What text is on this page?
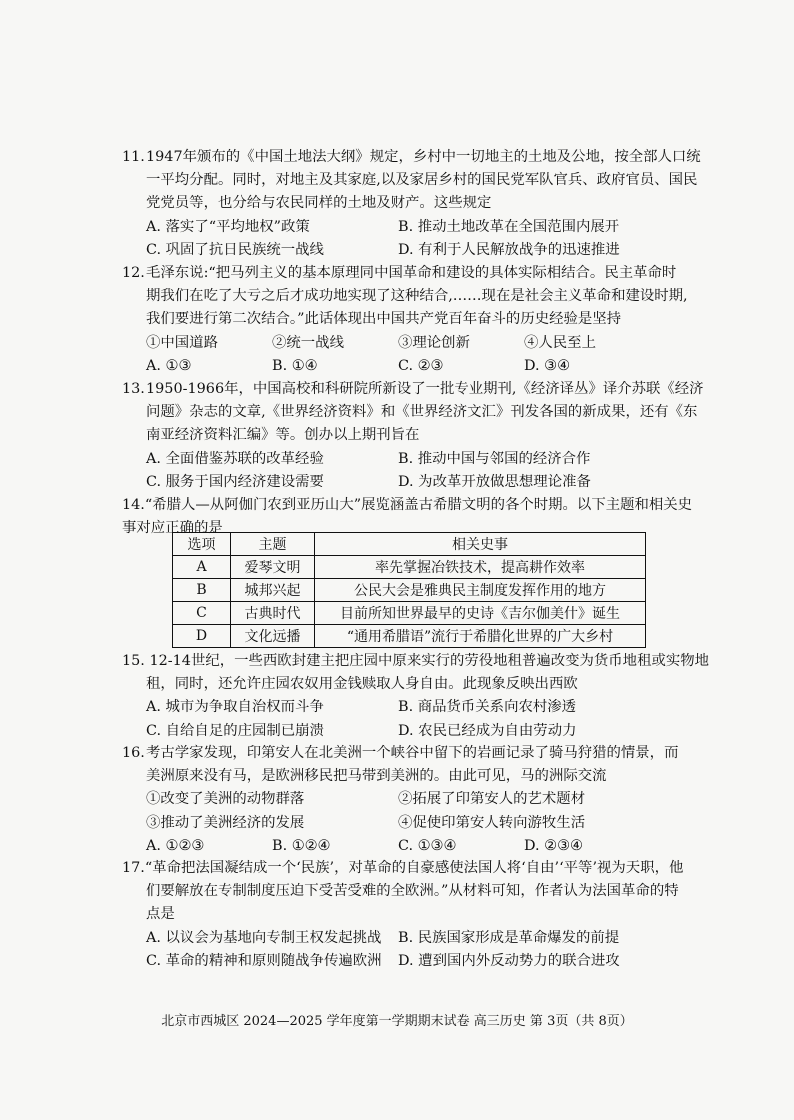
11. 1947年颁布的《中国土地法大纲》规定，乡村中一切地主的土地及公地，按全部人口统
一平均分配。同时，对地主及其家庭,以及家居乡村的国民党军队官兵、政府官员、国民
党党员等，也分给与农民同样的土地及财产。这些规定
A. 落实了“平均地权”政策	B. 推动土地改革在全国范围内展开
C. 巩固了抗日民族统一战线	D. 有利于人民解放战争的迅速推进
12. 毛泽东说:“把马列主义的基本原理同中国革命和建设的具体实际相结合。民主革命时
期我们在吃了大亏之后才成功地实现了这种结合,……现在是社会主义革命和建设时期,
我们要进行第二次结合。”此话体现出中国共产党百年奋斗的历史经验是坚持
①中国道路	②统一战线	③理论创新	④人民至上
A. ①③	B. ①④	C. ②③	D. ③④
13. 1950-1966年，中国高校和科研院所新设了一批专业期刊,《经济译丛》译介苏联《经济
问题》杂志的文章,《世界经济资料》和《世界经济文汇》刊发各国的新成果，还有《东
南亚经济资料汇编》等。创办以上期刊旨在
A. 全面借鉴苏联的改革经验	B. 推动中国与邻国的经济合作
C. 服务于国内经济建设需要	D. 为改革开放做思想理论准备
14.“希腊人—从阿伽门农到亚历山大”展览涵盖古希腊文明的各个时期。以下主题和相关史
事对应正确的是
选项	主题	相关史事
A	爱琴文明	率先掌握冶铁技术，提高耕作效率
B	城邦兴起	公民大会是雅典民主制度发挥作用的地方
C	古典时代	目前所知世界最早的史诗《吉尔伽美什》诞生
D	文化远播	“通用希腊语”流行于希腊化世界的广大乡村
15. 12-14世纪，一些西欧封建主把庄园中原来实行的劳役地租普遍改变为货币地租或实物地
租，同时，还允许庄园农奴用金钱赎取人身自由。此现象反映出西欧
A. 城市为争取自治权而斗争	B. 商品货币关系向农村渗透
C. 自给自足的庄园制已崩溃	D. 农民已经成为自由劳动力
16. 考古学家发现，印第安人在北美洲一个峡谷中留下的岩画记录了骑马狩猎的情景，而
美洲原来没有马，是欧洲移民把马带到美洲的。由此可见，马的洲际交流
①改变了美洲的动物群落	②拓展了印第安人的艺术题材
③推动了美洲经济的发展	④促使印第安人转向游牧生活
A. ①②③	B. ①②④	C. ①③④	D. ②③④
17.“革命把法国凝结成一个‘民族’，对革命的自豪感使法国人将‘自由’‘平等’视为天职，他
们要解放在专制制度压迫下受苦受难的全欧洲。”从材料可知，作者认为法国革命的特
点是
A. 以议会为基地向专制王权发起挑战	B. 民族国家形成是革命爆发的前提
C. 革命的精神和原则随战争传遍欧洲	D. 遭到国内外反动势力的联合进攻
北京市西城区 2024—2025 学年度第一学期期末试卷 高三历史 第 3页（共 8页）
